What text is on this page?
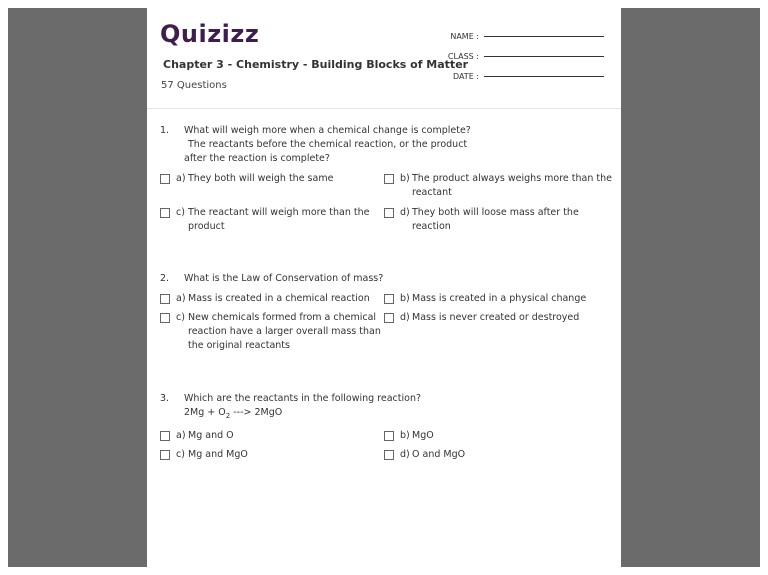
Quizizz
Chapter 3 - Chemistry - Building Blocks of Matter
57 Questions
NAME :
CLASS :
DATE :
1. What will weigh more when a chemical change is complete?
The reactants before the chemical reaction, or the product
after the reaction is complete?
a) They both will weigh the same	b) The product always weighs more than the
reactant
c) The reactant will weigh more than the
product
d) They both will loose mass after the
reaction
2. What is the Law of Conservation of mass?
a) Mass is created in a chemical reaction	b) Mass is created in a physical change
c) New chemicals formed from a chemical
reaction have a larger overall mass than
the original reactants
d) Mass is never created or destroyed
3. Which are the reactants in the following reaction?
$2Mg + O_2$ ---> 2MgO
a) Mg and O	b) MgO
c) Mg and MgO	d) O and MgO
